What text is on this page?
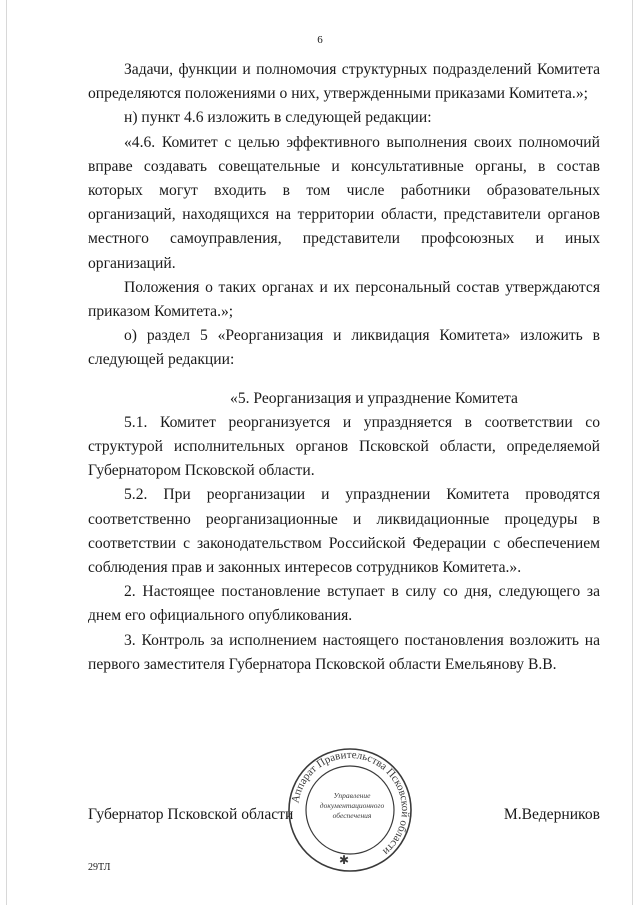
6

Задачи, функции и полномочия структурных подразделений Комитета определяются положениями о них, утвержденными приказами Комитета.»;

н) пункт 4.6 изложить в следующей редакции:

«4.6. Комитет с целью эффективного выполнения своих полномочий вправе создавать совещательные и консультативные органы, в состав которых могут входить в том числе работники образовательных организаций, находящихся на территории области, представители органов местного самоуправления, представители профсоюзных и иных организаций.

Положения о таких органах и их персональный состав утверждаются приказом Комитета.»;

о) раздел 5 «Реорганизация и ликвидация Комитета» изложить в следующей редакции:

«5. Реорганизация и упразднение Комитета

5.1. Комитет реорганизуется и упраздняется в соответствии со структурой исполнительных органов Псковской области, определяемой Губернатором Псковской области.

5.2. При реорганизации и упразднении Комитета проводятся соответственно реорганизационные и ликвидационные процедуры в соответствии с законодательством Российской Федерации с обеспечением соблюдения прав и законных интересов сотрудников Комитета.».

2. Настоящее постановление вступает в силу со дня, следующего за днем его официального опубликования.

3. Контроль за исполнением настоящего постановления возложить на первого заместителя Губернатора Псковской области Емельянову В.В.

Губернатор Псковской области	М.Ведерников
Аппарат Правительства Псковской области
Управление
документационного
обеспечения
✱
29ТЛ
